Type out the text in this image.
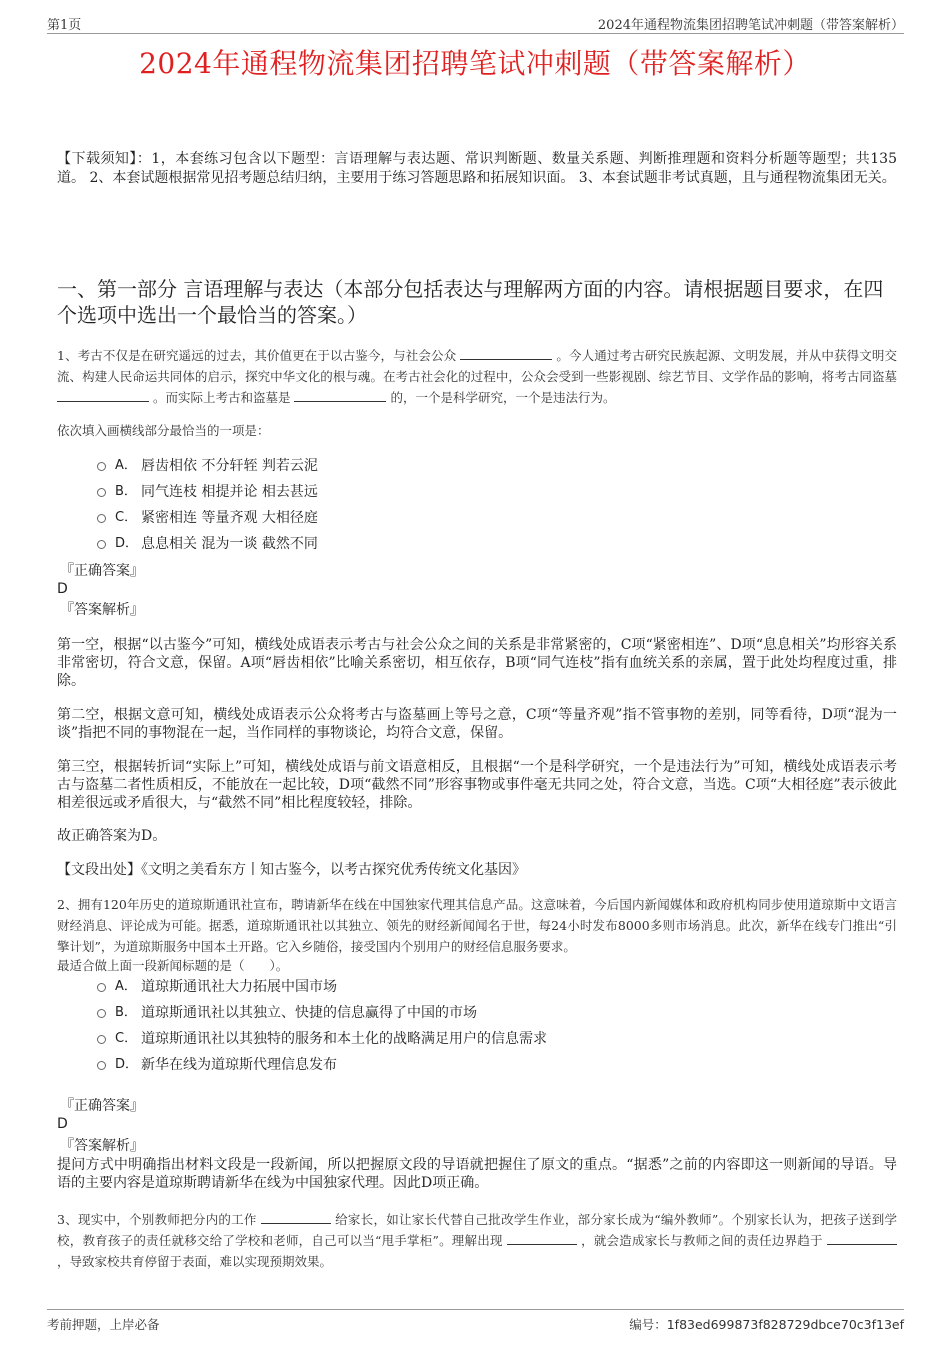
第1页	2024年通程物流集团招聘笔试冲刺题（带答案解析）
2024年通程物流集团招聘笔试冲刺题（带答案解析）
【下载须知】：1，本套练习包含以下题型：言语理解与表达题、常识判断题、数量关系题、判断推理题和资料分析题等题型；共135道。 2、本套试题根据常见招考题总结归纳，主要用于练习答题思路和拓展知识面。 3、本套试题非考试真题，且与通程物流集团无关。
一、第一部分 言语理解与表达（本部分包括表达与理解两方面的内容。请根据题目要求，在四个选项中选出一个最恰当的答案。）
1、考古不仅是在研究遥远的过去，其价值更在于以古鉴今，与社会公众	。今人通过考古研究民族起源、文明发展，并从中获得文明交流、构建人民命运共同体的启示，探究中华文化的根与魂。在考古社会化的过程中，公众会受到一些影视剧、综艺节目、文学作品的影响，将考古同盗墓  。而实际上考古和盗墓是	的，一个是科学研究，一个是违法行为。
依次填入画横线部分最恰当的一项是：
A． 唇齿相依 不分轩轾 判若云泥
B． 同气连枝 相提并论 相去甚远
C． 紧密相连 等量齐观 大相径庭
D． 息息相关 混为一谈 截然不同
『正确答案』
D
『答案解析』
第一空，根据“以古鉴今”可知，横线处成语表示考古与社会公众之间的关系是非常紧密的，C项“紧密相连”、D项“息息相关”均形容关系非常密切，符合文意，保留。A项“唇齿相依”比喻关系密切，相互依存，B项“同气连枝”指有血统关系的亲属，置于此处均程度过重，排除。
第二空，根据文意可知，横线处成语表示公众将考古与盗墓画上等号之意，C项“等量齐观”指不管事物的差别，同等看待，D项“混为一谈”指把不同的事物混在一起，当作同样的事物谈论，均符合文意，保留。
第三空，根据转折词“实际上”可知，横线处成语与前文语意相反，且根据“一个是科学研究，一个是违法行为”可知，横线处成语表示考古与盗墓二者性质相反，不能放在一起比较，D项“截然不同”形容事物或事件毫无共同之处，符合文意，当选。C项“大相径庭”表示彼此相差很远或矛盾很大，与“截然不同”相比程度较轻，排除。
故正确答案为D。
【文段出处】《文明之美看东方丨知古鉴今，以考古探究优秀传统文化基因》
2、拥有120年历史的道琼斯通讯社宣布，聘请新华在线在中国独家代理其信息产品。这意味着，今后国内新闻媒体和政府机构同步使用道琼斯中文语言财经消息、评论成为可能。据悉，道琼斯通讯社以其独立、领先的财经新闻闻名于世，每24小时发布8000多则市场消息。此次，新华在线专门推出“引擎计划”，为道琼斯服务中国本土开路。它入乡随俗，接受国内个别用户的财经信息服务要求。
最适合做上面一段新闻标题的是（　　）。
A． 道琼斯通讯社大力拓展中国市场
B． 道琼斯通讯社以其独立、快捷的信息赢得了中国的市场
C． 道琼斯通讯社以其独特的服务和本土化的战略满足用户的信息需求
D． 新华在线为道琼斯代理信息发布
『正确答案』
D
『答案解析』
提问方式中明确指出材料文段是一段新闻，所以把握原文段的导语就把握住了原文的重点。“据悉”之前的内容即这一则新闻的导语。导语的主要内容是道琼斯聘请新华在线为中国独家代理。因此D项正确。
3、现实中，个别教师把分内的工作	给家长，如让家长代替自己批改学生作业，部分家长成为“编外教师”。个别家长认为，把孩子送到学校，教育孩子的责任就移交给了学校和老师，自己可以当“甩手掌柜”。理解出现	，就会造成家长与教师之间的责任边界趋于  ，导致家校共育停留于表面，难以实现预期效果。
考前押题，上岸必备	编号：1f83ed699873f828729dbce70c3f13ef
